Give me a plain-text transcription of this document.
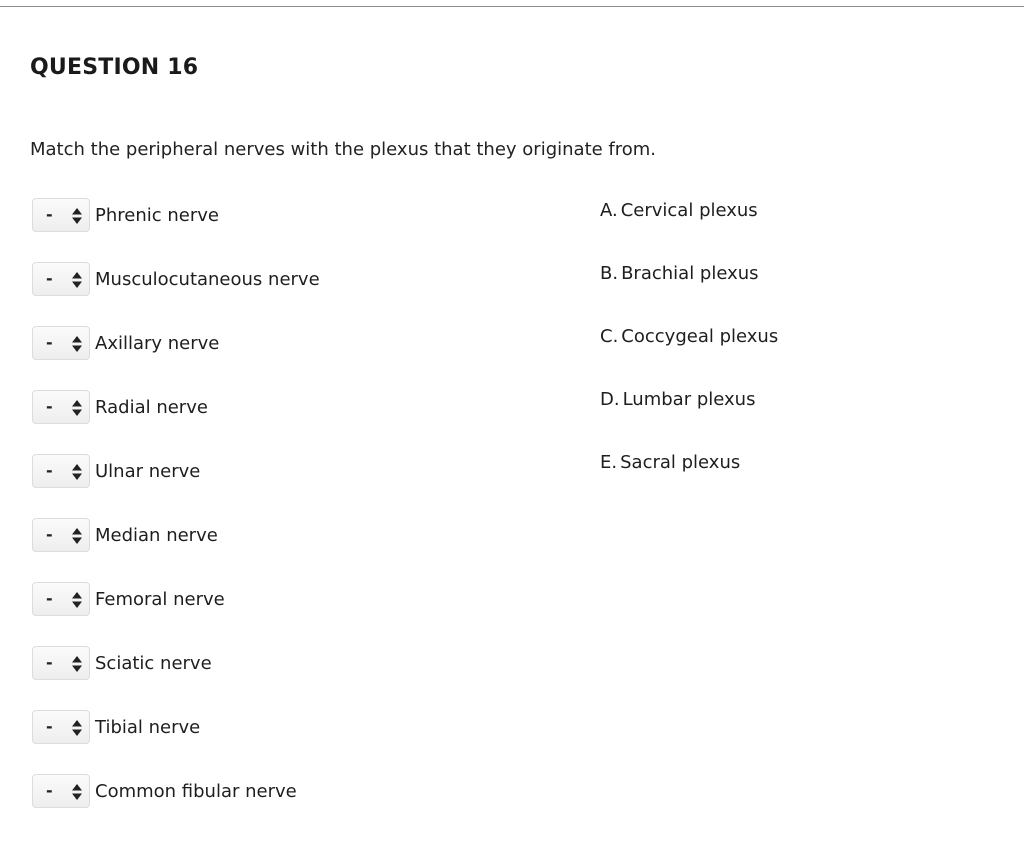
QUESTION 16
Match the peripheral nerves with the plexus that they originate from.
- Phrenic nerve
- Musculocutaneous nerve
- Axillary nerve
- Radial nerve
- Ulnar nerve
- Median nerve
- Femoral nerve
- Sciatic nerve
- Tibial nerve
- Common fibular nerve
A. Cervical plexus
B. Brachial plexus
C. Coccygeal plexus
D. Lumbar plexus
E. Sacral plexus
